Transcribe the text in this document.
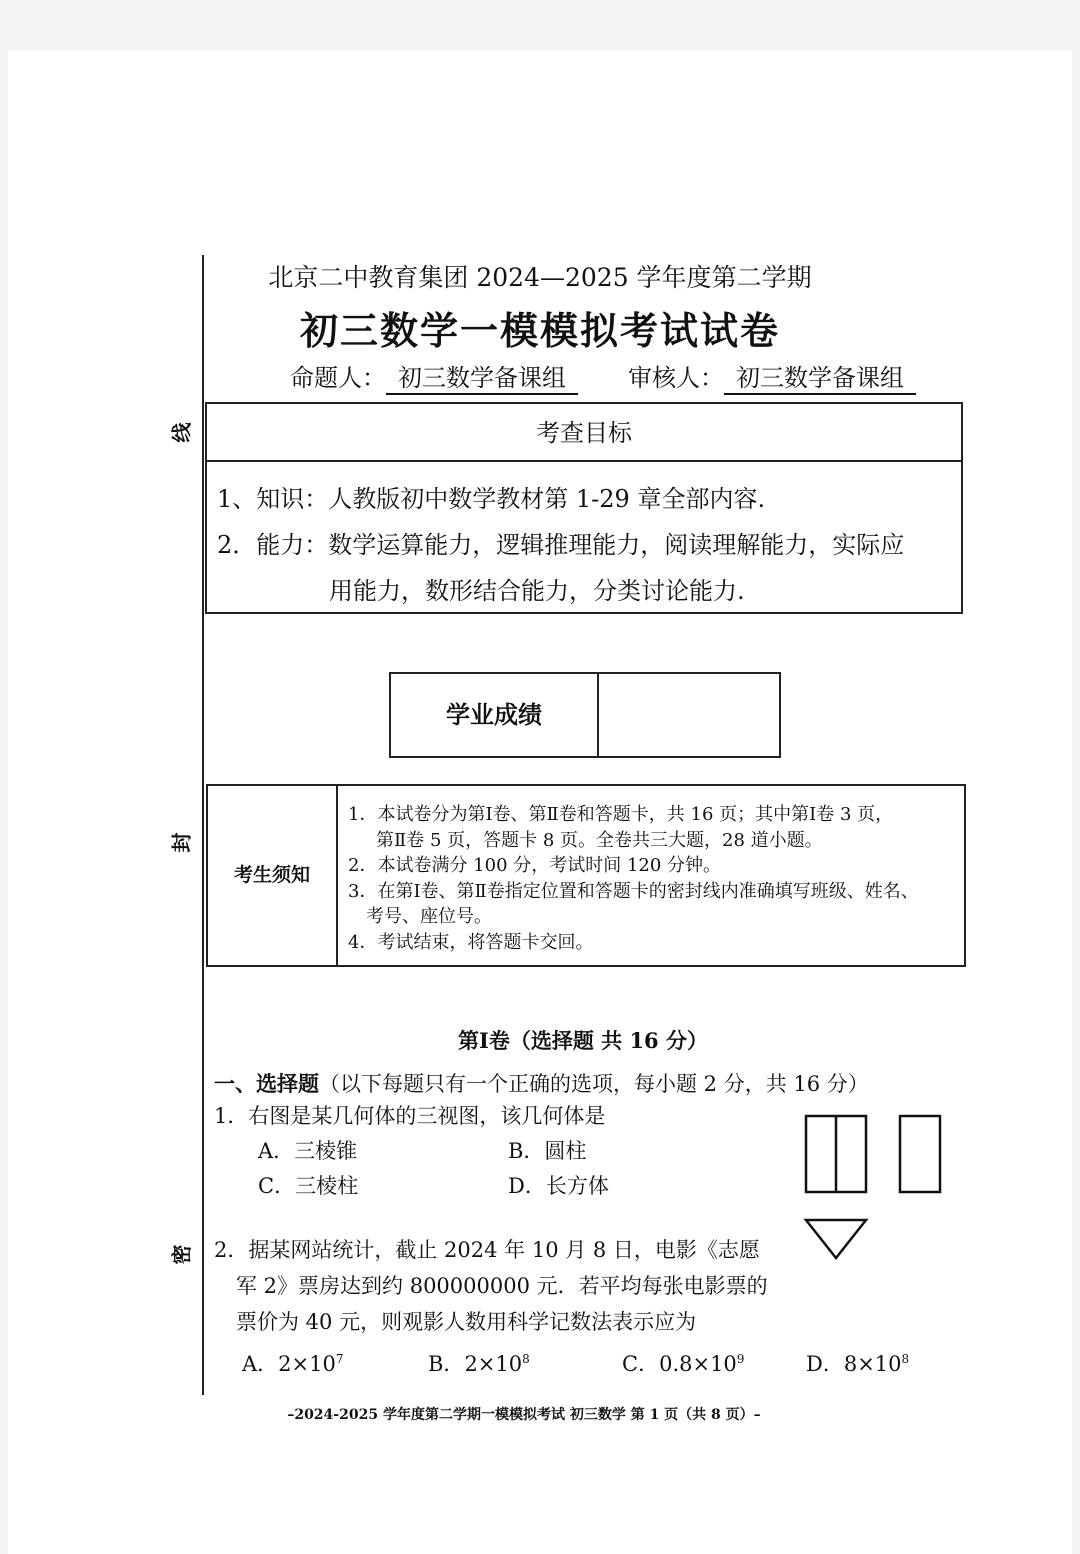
线
封
密
北京二中教育集团 2024—2025 学年度第二学期
初三数学一模模拟考试试卷
命题人： 初三数学备课组	审核人： 初三数学备课组
考查目标
1、知识：人教版初中数学教材第 1-29 章全部内容.
2．能力：数学运算能力，逻辑推理能力，阅读理解能力，实际应
用能力，数形结合能力，分类讨论能力.
学业成绩
考生须知
1．本试卷分为第Ⅰ卷、第Ⅱ卷和答题卡，共 16 页；其中第Ⅰ卷 3 页，
第Ⅱ卷 5 页，答题卡 8 页。全卷共三大题，28 道小题。
2．本试卷满分 100 分，考试时间 120 分钟。
3．在第Ⅰ卷、第Ⅱ卷指定位置和答题卡的密封线内准确填写班级、姓名、
考号、座位号。
4．考试结束，将答题卡交回。
第Ⅰ卷（选择题 共 16 分）
一、选择题（以下每题只有一个正确的选项，每小题 2 分，共 16 分）
1．右图是某几何体的三视图，该几何体是
A．三棱锥	B．圆柱
C．三棱柱	D．长方体
2．据某网站统计，截止 2024 年 10 月 8 日，电影《志愿
军 2》票房达到约 800000000 元．若平均每张电影票的
票价为 40 元，则观影人数用科学记数法表示应为
A．$2\times 10^7$	B．$2\times 10^8$	C．$0.8\times 10^9$	D．$8\times 10^8$
–2024-2025 学年度第二学期一模模拟考试 初三数学 第 1 页（共 8 页）–
